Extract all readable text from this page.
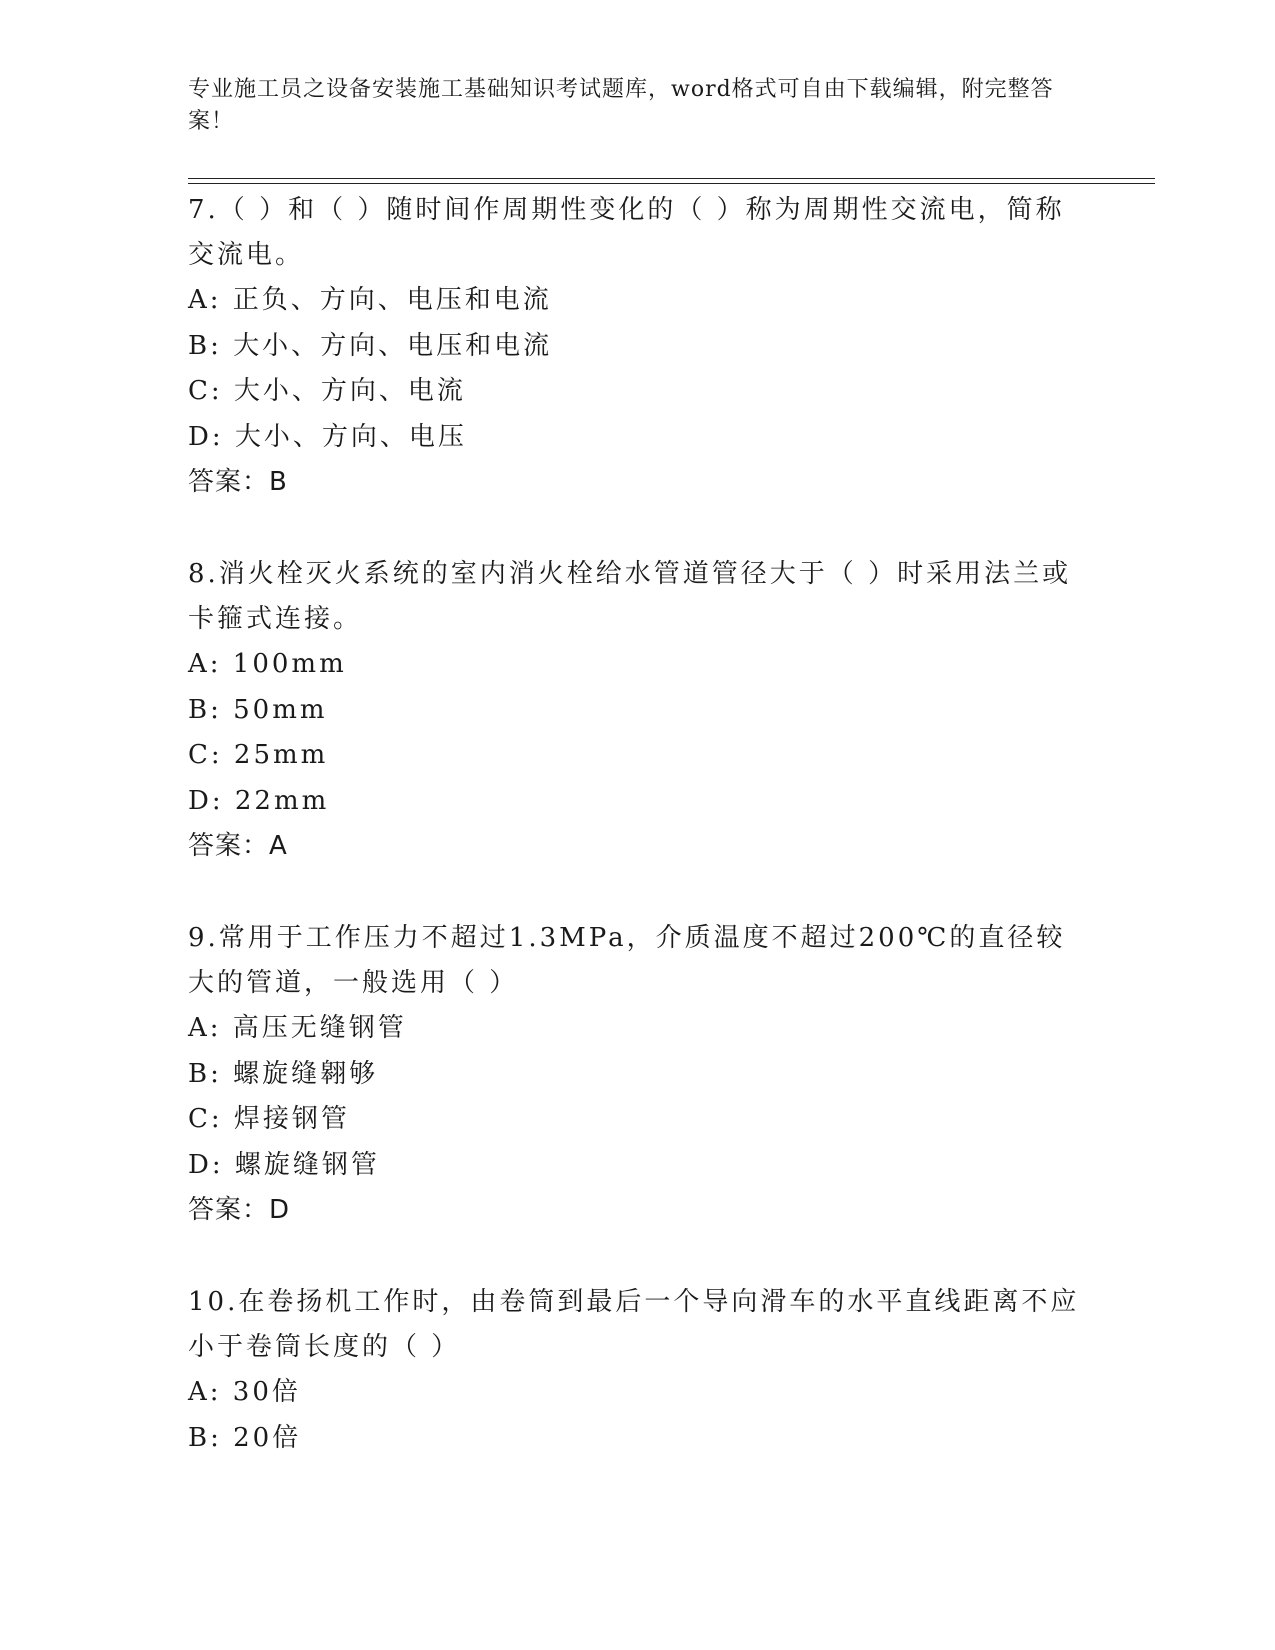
专业施工员之设备安装施工基础知识考试题库，word格式可自由下载编辑，附完整答案！

7.（ ）和（ ）随时间作周期性变化的（ ）称为周期性交流电，简称交流电。

A: 正负、方向、电压和电流

B: 大小、方向、电压和电流

C: 大小、方向、电流

D: 大小、方向、电压

答案：B

8.消火栓灭火系统的室内消火栓给水管道管径大于（ ）时采用法兰或卡箍式连接。

A: 100mm

B: 50mm

C: 25mm

D: 22mm

答案：A

9.常用于工作压力不超过1.3MPa，介质温度不超过200℃的直径较大的管道，一般选用（ ）

A: 高压无缝钢管

B: 螺旋缝翱够

C: 焊接钢管

D: 螺旋缝钢管

答案：D

10.在卷扬机工作时，由卷筒到最后一个导向滑车的水平直线距离不应小于卷筒长度的（ ）

A: 30倍

B: 20倍
